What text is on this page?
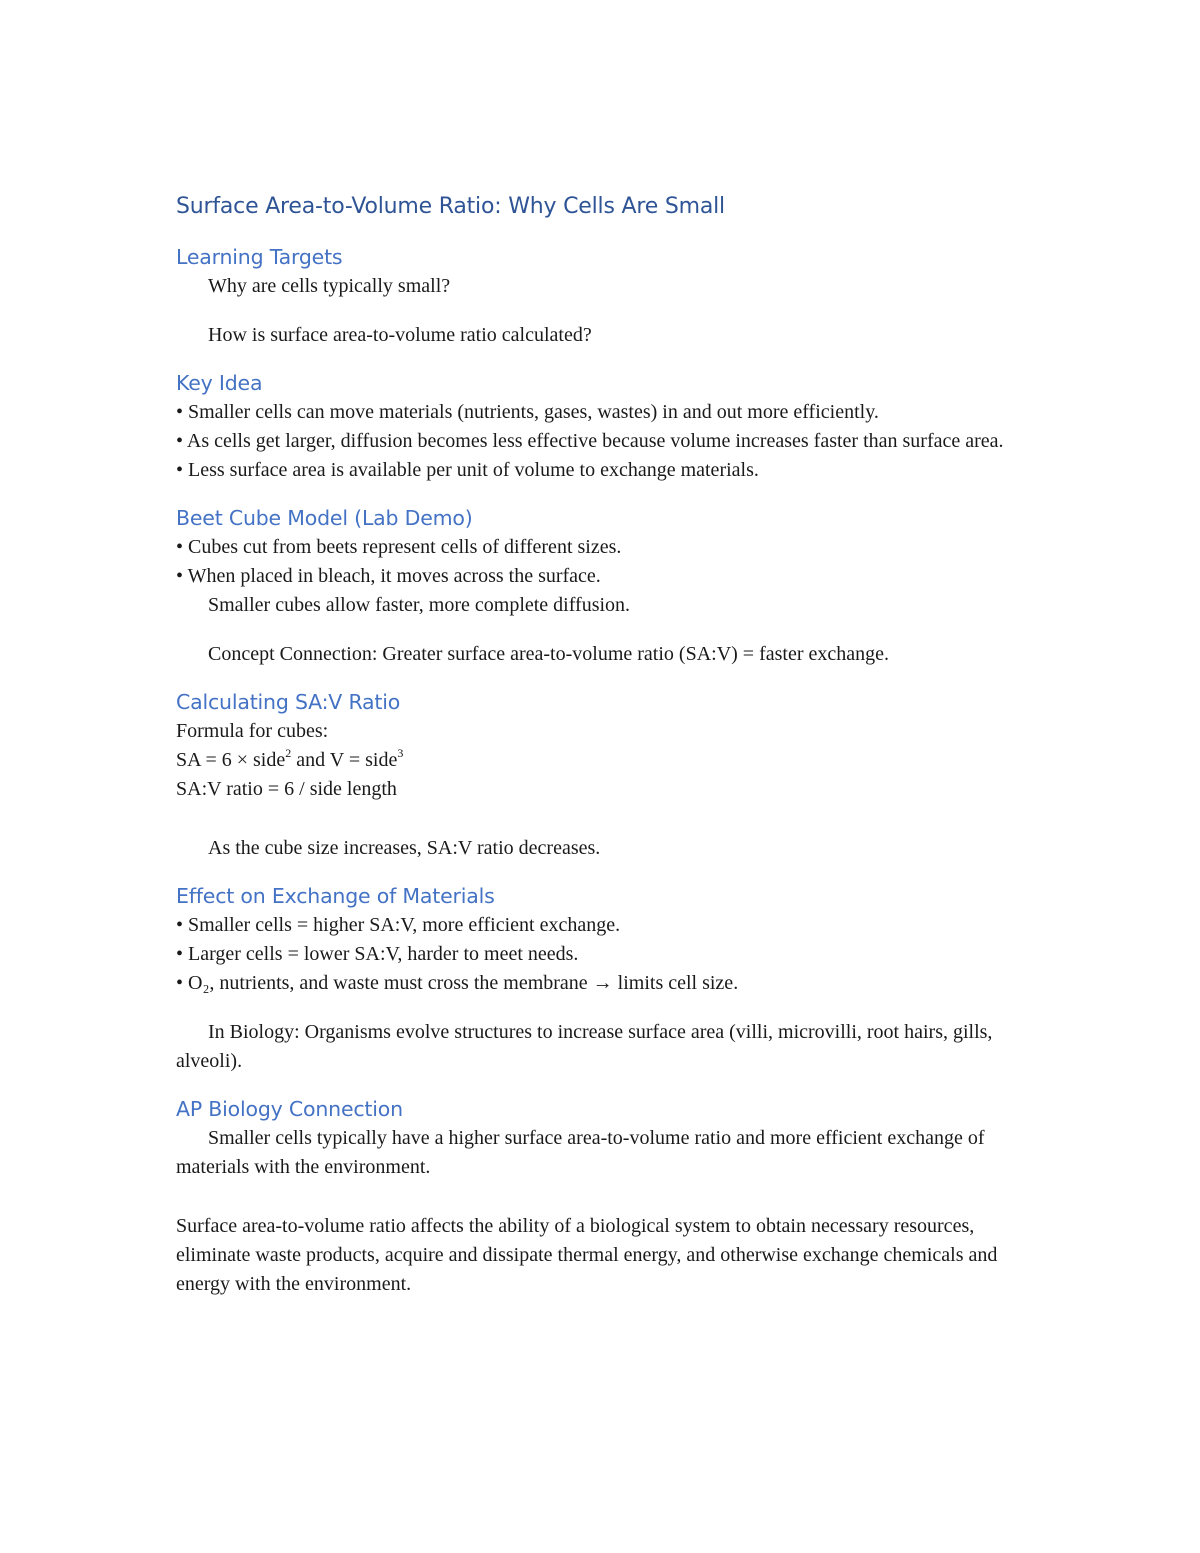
Surface Area-to-Volume Ratio: Why Cells Are Small
Learning Targets
Why are cells typically small?
How is surface area-to-volume ratio calculated?
Key Idea
• Smaller cells can move materials (nutrients, gases, wastes) in and out more efficiently.
• As cells get larger, diffusion becomes less effective because volume increases faster than surface area.
• Less surface area is available per unit of volume to exchange materials.
Beet Cube Model (Lab Demo)
• Cubes cut from beets represent cells of different sizes.
• When placed in bleach, it moves across the surface.
Smaller cubes allow faster, more complete diffusion.
Concept Connection: Greater surface area-to-volume ratio (SA:V) = faster exchange.
Calculating SA:V Ratio
Formula for cubes:
SA = 6 × side$^2$ and V = side$^3$
SA:V ratio = 6 / side length
As the cube size increases, SA:V ratio decreases.
Effect on Exchange of Materials
• Smaller cells = higher SA:V, more efficient exchange.
• Larger cells = lower SA:V, harder to meet needs.
• O₂, nutrients, and waste must cross the membrane → limits cell size.
In Biology: Organisms evolve structures to increase surface area (villi, microvilli, root hairs, gills, alveoli).
AP Biology Connection
Smaller cells typically have a higher surface area-to-volume ratio and more efficient exchange of materials with the environment.
Surface area-to-volume ratio affects the ability of a biological system to obtain necessary resources, eliminate waste products, acquire and dissipate thermal energy, and otherwise exchange chemicals and energy with the environment.
